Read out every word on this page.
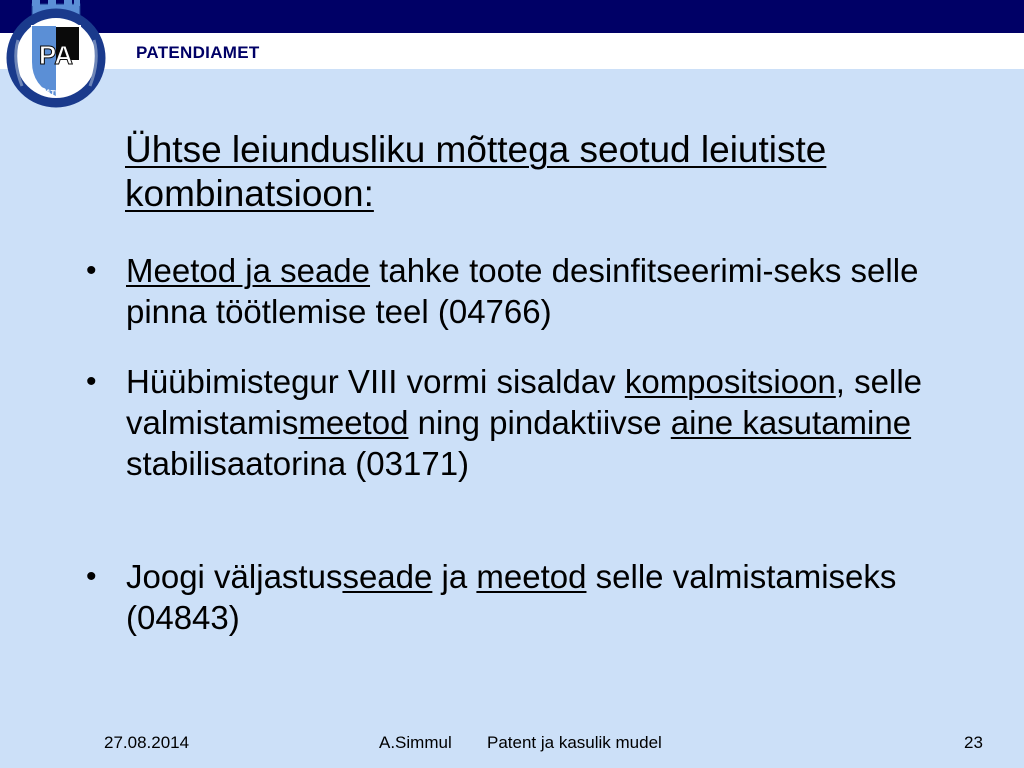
PATENDIAMET
PA
EESTI PATENDIAMET
Ühtse leiundusliku mõttega seotud leiutiste kombinatsioon:
• Meetod ja seade tahke toote desinfitseerimi-seks selle pinna töötlemise teel (04766)
• Hüübimistegur VIII vormi sisaldav kompositsioon, selle valmistamismeetod ning pindaktiivse aine kasutamine stabilisaatorina (03171)
• Joogi väljastusseade ja meetod selle valmistamiseks (04843)
27.08.2014	A.Simmul Patent ja kasulik mudel	23
